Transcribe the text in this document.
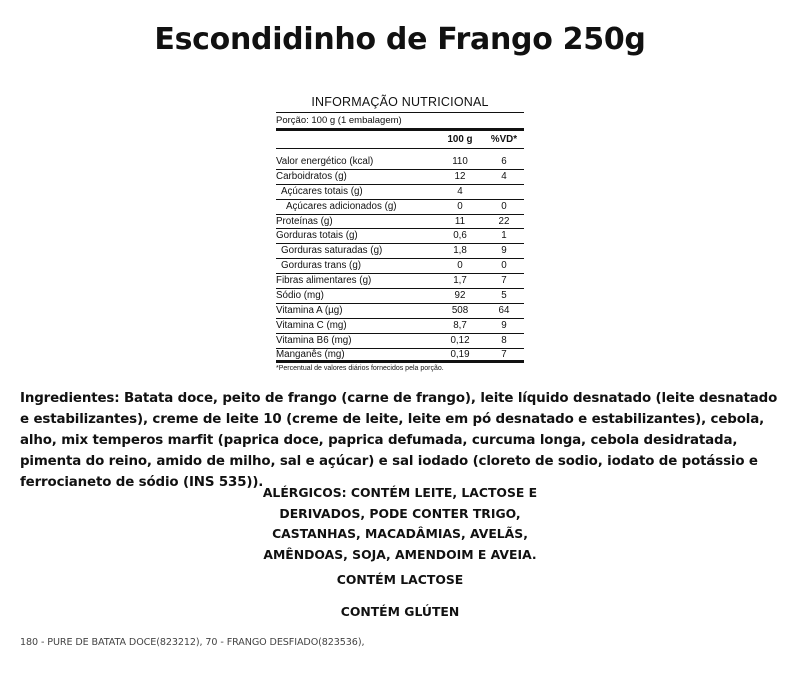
Escondidinho de Frango 250g
INFORMAÇÃO NUTRICIONAL
Porção: 100 g (1 embalagem)
100 g	%VD*
Valor energético (kcal)	110	6
Carboidratos (g)	12	4
Açúcares totais (g)	4
Açúcares adicionados (g)	0	0
Proteínas (g)	11	22
Gorduras totais (g)	0,6	1
Gorduras saturadas (g)	1,8	9
Gorduras trans (g)	0	0
Fibras alimentares (g)	1,7	7
Sódio (mg)	92	5
Vitamina A (µg)	508	64
Vitamina C (mg)	8,7	9
Vitamina B6 (mg)	0,12	8
Manganês (mg)	0,19	7
*Percentual de valores diários fornecidos pela porção.

Ingredientes: Batata doce, peito de frango (carne de frango), leite líquido desnatado (leite desnatado e estabilizantes), creme de leite 10 (creme de leite, leite em pó desnatado e estabilizantes), cebola, alho, mix temperos marfit (paprica doce, paprica defumada, curcuma longa, cebola desidratada, pimenta do reino, amido de milho, sal e açúcar) e sal iodado (cloreto de sodio, iodato de potássio e ferrocianeto de sódio (INS 535)).

ALÉRGICOS: CONTÉM LEITE, LACTOSE E
DERIVADOS, PODE CONTER TRIGO,
CASTANHAS, MACADÂMIAS, AVELÃS,
AMÊNDOAS, SOJA, AMENDOIM E AVEIA.
CONTÉM LACTOSE
CONTÉM GLÚTEN
180 - PURE DE BATATA DOCE(823212), 70 - FRANGO DESFIADO(823536),
